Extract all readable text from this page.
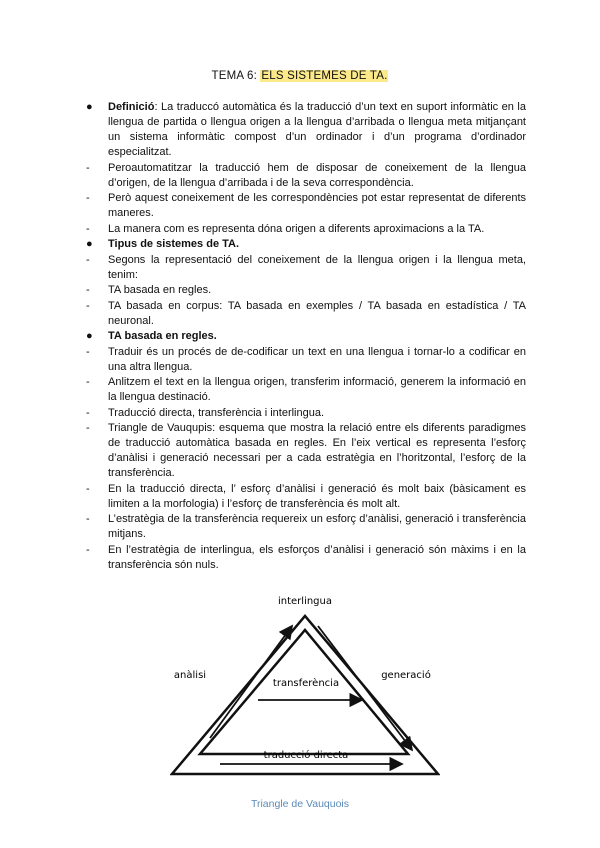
TEMA 6: ELS SISTEMES DE TA.
●	Definició: La traduccó automàtica és la traducció d’un text en suport informàtic en la llengua de partida o llengua origen a la llengua d’arribada o llengua meta mitjançant un sistema informàtic compost d’un ordinador i d’un programa d’ordinador especialitzat.
-	Peroautomatitzar la traducció hem de disposar de coneixement de la llengua d’origen, de la llengua d’arribada i de la seva correspondència.
-	Però aquest coneixement de les correspondències pot estar representat de diferents maneres.
-	La manera com es representa dóna origen a diferents aproximacions a la TA.
●	Tipus de sistemes de TA.
-	Segons la representació del coneixement de la llengua origen i la llengua meta, tenim:
-	TA basada en regles.
-	TA basada en corpus: TA basada en exemples / TA basada en estadística / TA neuronal.
●	TA basada en regles.
-	Traduir és un procés de de-codificar un text en una llengua i tornar-lo a codificar en una altra llengua.
-	Anlitzem el text en la llengua origen, transferim informació, generem la informació en la llengua destinació.
-	Traducció directa, transferència i interlingua.
-	Triangle de Vauqupis: esquema que mostra la relació entre els diferents paradigmes de traducció automàtica basada en regles. En l’eix vertical es representa l’esforç d’anàlisi i generació necessari per a cada estratègia en l’horitzontal, l’esforç de la transferència.
-	En la traducció directa, l’ esforç d’anàlisi i generació és molt baix (bàsicament es limiten a la morfologia) i l’esforç de transferència és molt alt.
-	L’estratègia de la transferència requereix un esforç d’anàlisi, generació i transferència mitjans.
-	En l’estratègia de interlingua, els esforços d’anàlisi i generació són màxims i en la transferència són nuls.
interlingua
anàlisi	generació
transferència
traducció directa
Triangle de Vauquois
